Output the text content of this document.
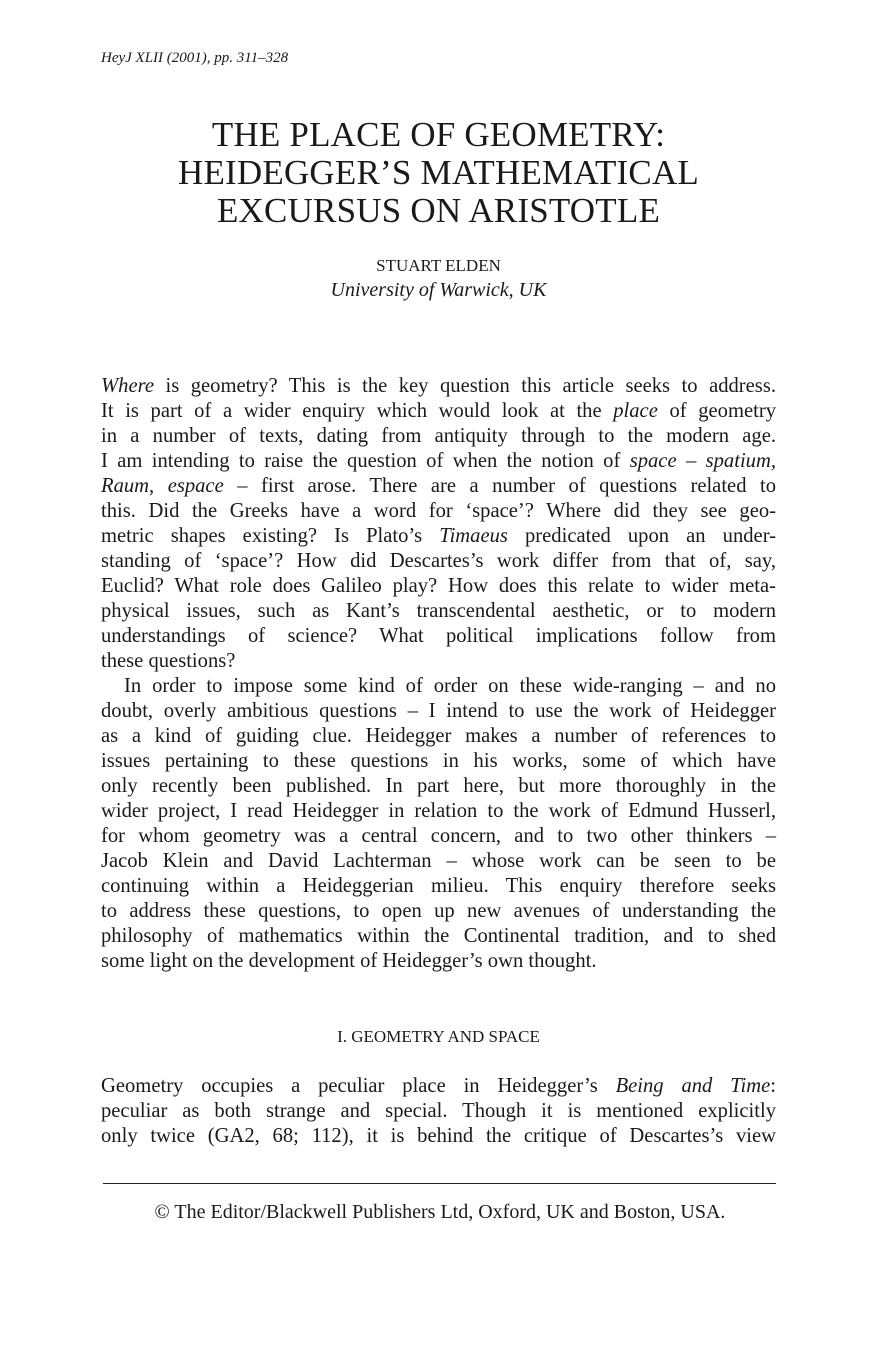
HeyJ XLII (2001), pp. 311–328
THE PLACE OF GEOMETRY:
HEIDEGGER’S MATHEMATICAL
EXCURSUS ON ARISTOTLE
STUART ELDEN
University of Warwick, UK
Where is geometry? This is the key question this article seeks to address.
It is part of a wider enquiry which would look at the place of geometry
in a number of texts, dating from antiquity through to the modern age.
I am intending to raise the question of when the notion of space – spatium,
Raum, espace – first arose. There are a number of questions related to
this. Did the Greeks have a word for ‘space’? Where did they see geo-
metric shapes existing? Is Plato’s Timaeus predicated upon an under-
standing of ‘space’? How did Descartes’s work differ from that of, say,
Euclid? What role does Galileo play? How does this relate to wider meta-
physical issues, such as Kant’s transcendental aesthetic, or to modern
understandings of science? What political implications follow from
these questions?
In order to impose some kind of order on these wide-ranging – and no
doubt, overly ambitious questions – I intend to use the work of Heidegger
as a kind of guiding clue. Heidegger makes a number of references to
issues pertaining to these questions in his works, some of which have
only recently been published. In part here, but more thoroughly in the
wider project, I read Heidegger in relation to the work of Edmund Husserl,
for whom geometry was a central concern, and to two other thinkers –
Jacob Klein and David Lachterman – whose work can be seen to be
continuing within a Heideggerian milieu. This enquiry therefore seeks
to address these questions, to open up new avenues of understanding the
philosophy of mathematics within the Continental tradition, and to shed
some light on the development of Heidegger’s own thought.
I. GEOMETRY AND SPACE
Geometry occupies a peculiar place in Heidegger’s Being and Time:
peculiar as both strange and special. Though it is mentioned explicitly
only twice (GA2, 68; 112), it is behind the critique of Descartes’s view
© The Editor/Blackwell Publishers Ltd, Oxford, UK and Boston, USA.
